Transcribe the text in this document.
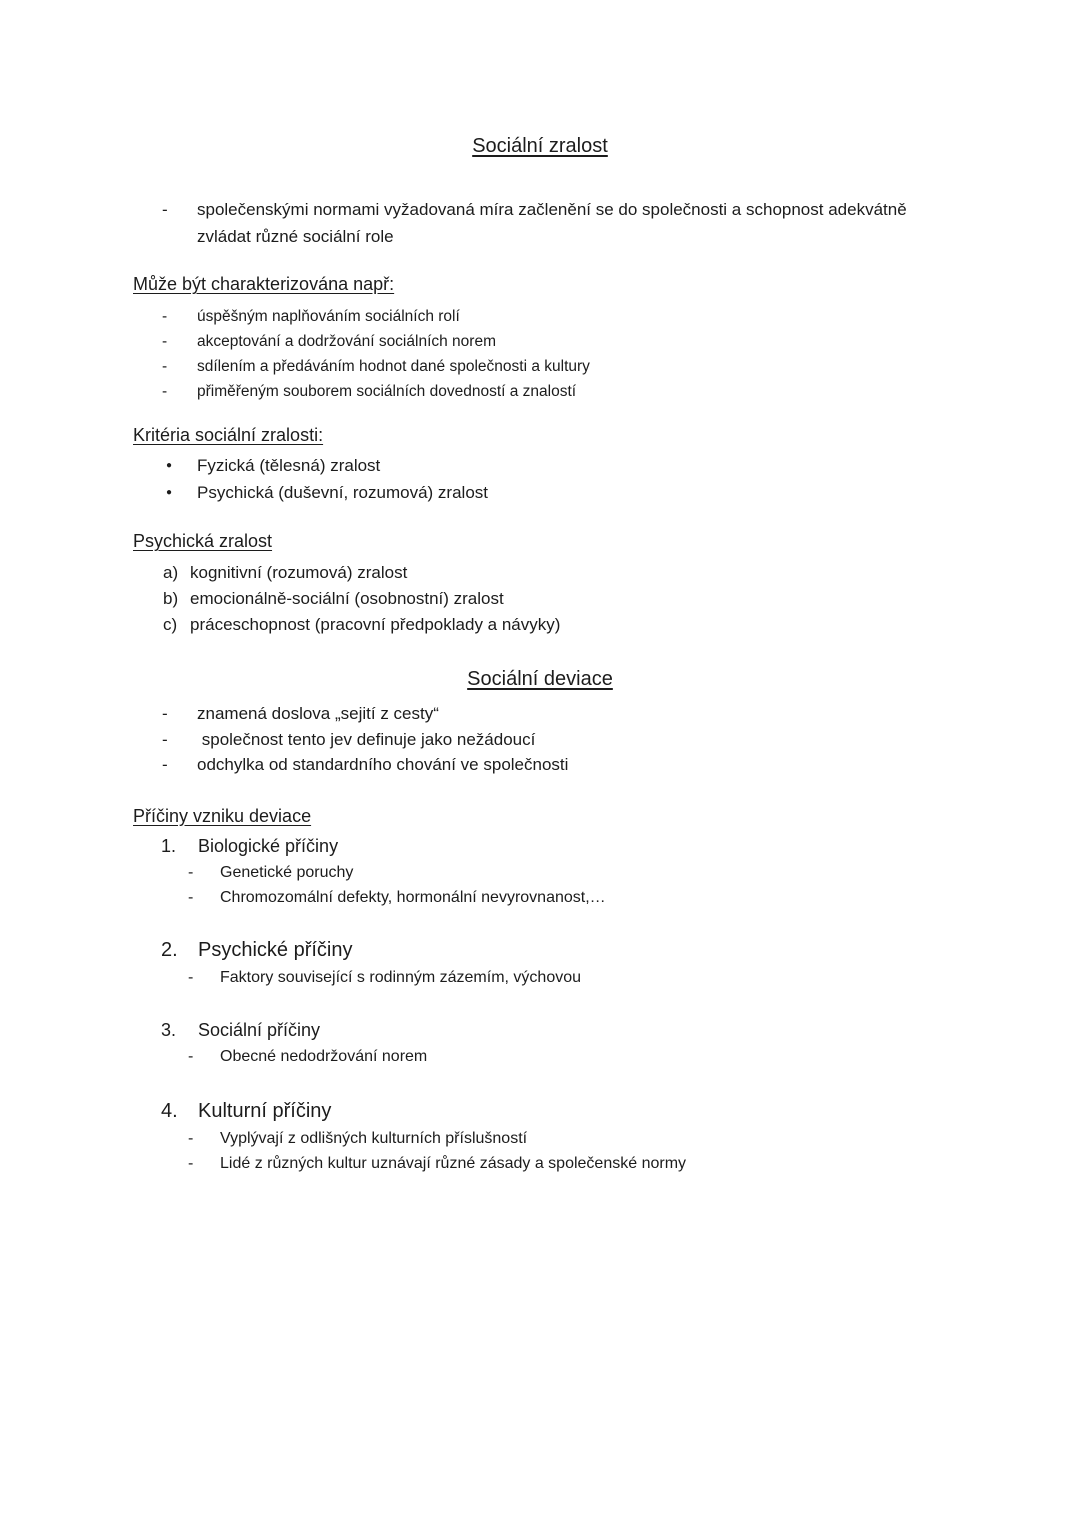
Sociální zralost
- společenskými normami vyžadovaná míra začlenění se do společnosti a schopnost adekvátně zvládat různé sociální role
Může být charakterizována např:
- úspěšným naplňováním sociálních rolí
- akceptování a dodržování sociálních norem
- sdílením a předáváním hodnot dané společnosti a kultury
- přiměřeným souborem sociálních dovedností a znalostí
Kritéria sociální zralosti:
● Fyzická (tělesná) zralost
● Psychická (duševní, rozumová) zralost
Psychická zralost
a) kognitivní (rozumová) zralost
b) emocionálně-sociální (osobnostní) zralost
c) práceschopnost (pracovní předpoklady a návyky)
Sociální deviace
- znamená doslova „sejití z cesty“
- společnost tento jev definuje jako nežádoucí
- odchylka od standardního chování ve společnosti
Příčiny vzniku deviace
1. Biologické příčiny
- Genetické poruchy
- Chromozomální defekty, hormonální nevyrovnanost,…
2. Psychické příčiny
- Faktory související s rodinným zázemím, výchovou
3. Sociální příčiny
- Obecné nedodržování norem
4. Kulturní příčiny
- Vyplývají z odlišných kulturních příslušností
- Lidé z různých kultur uznávají různé zásady a společenské normy
